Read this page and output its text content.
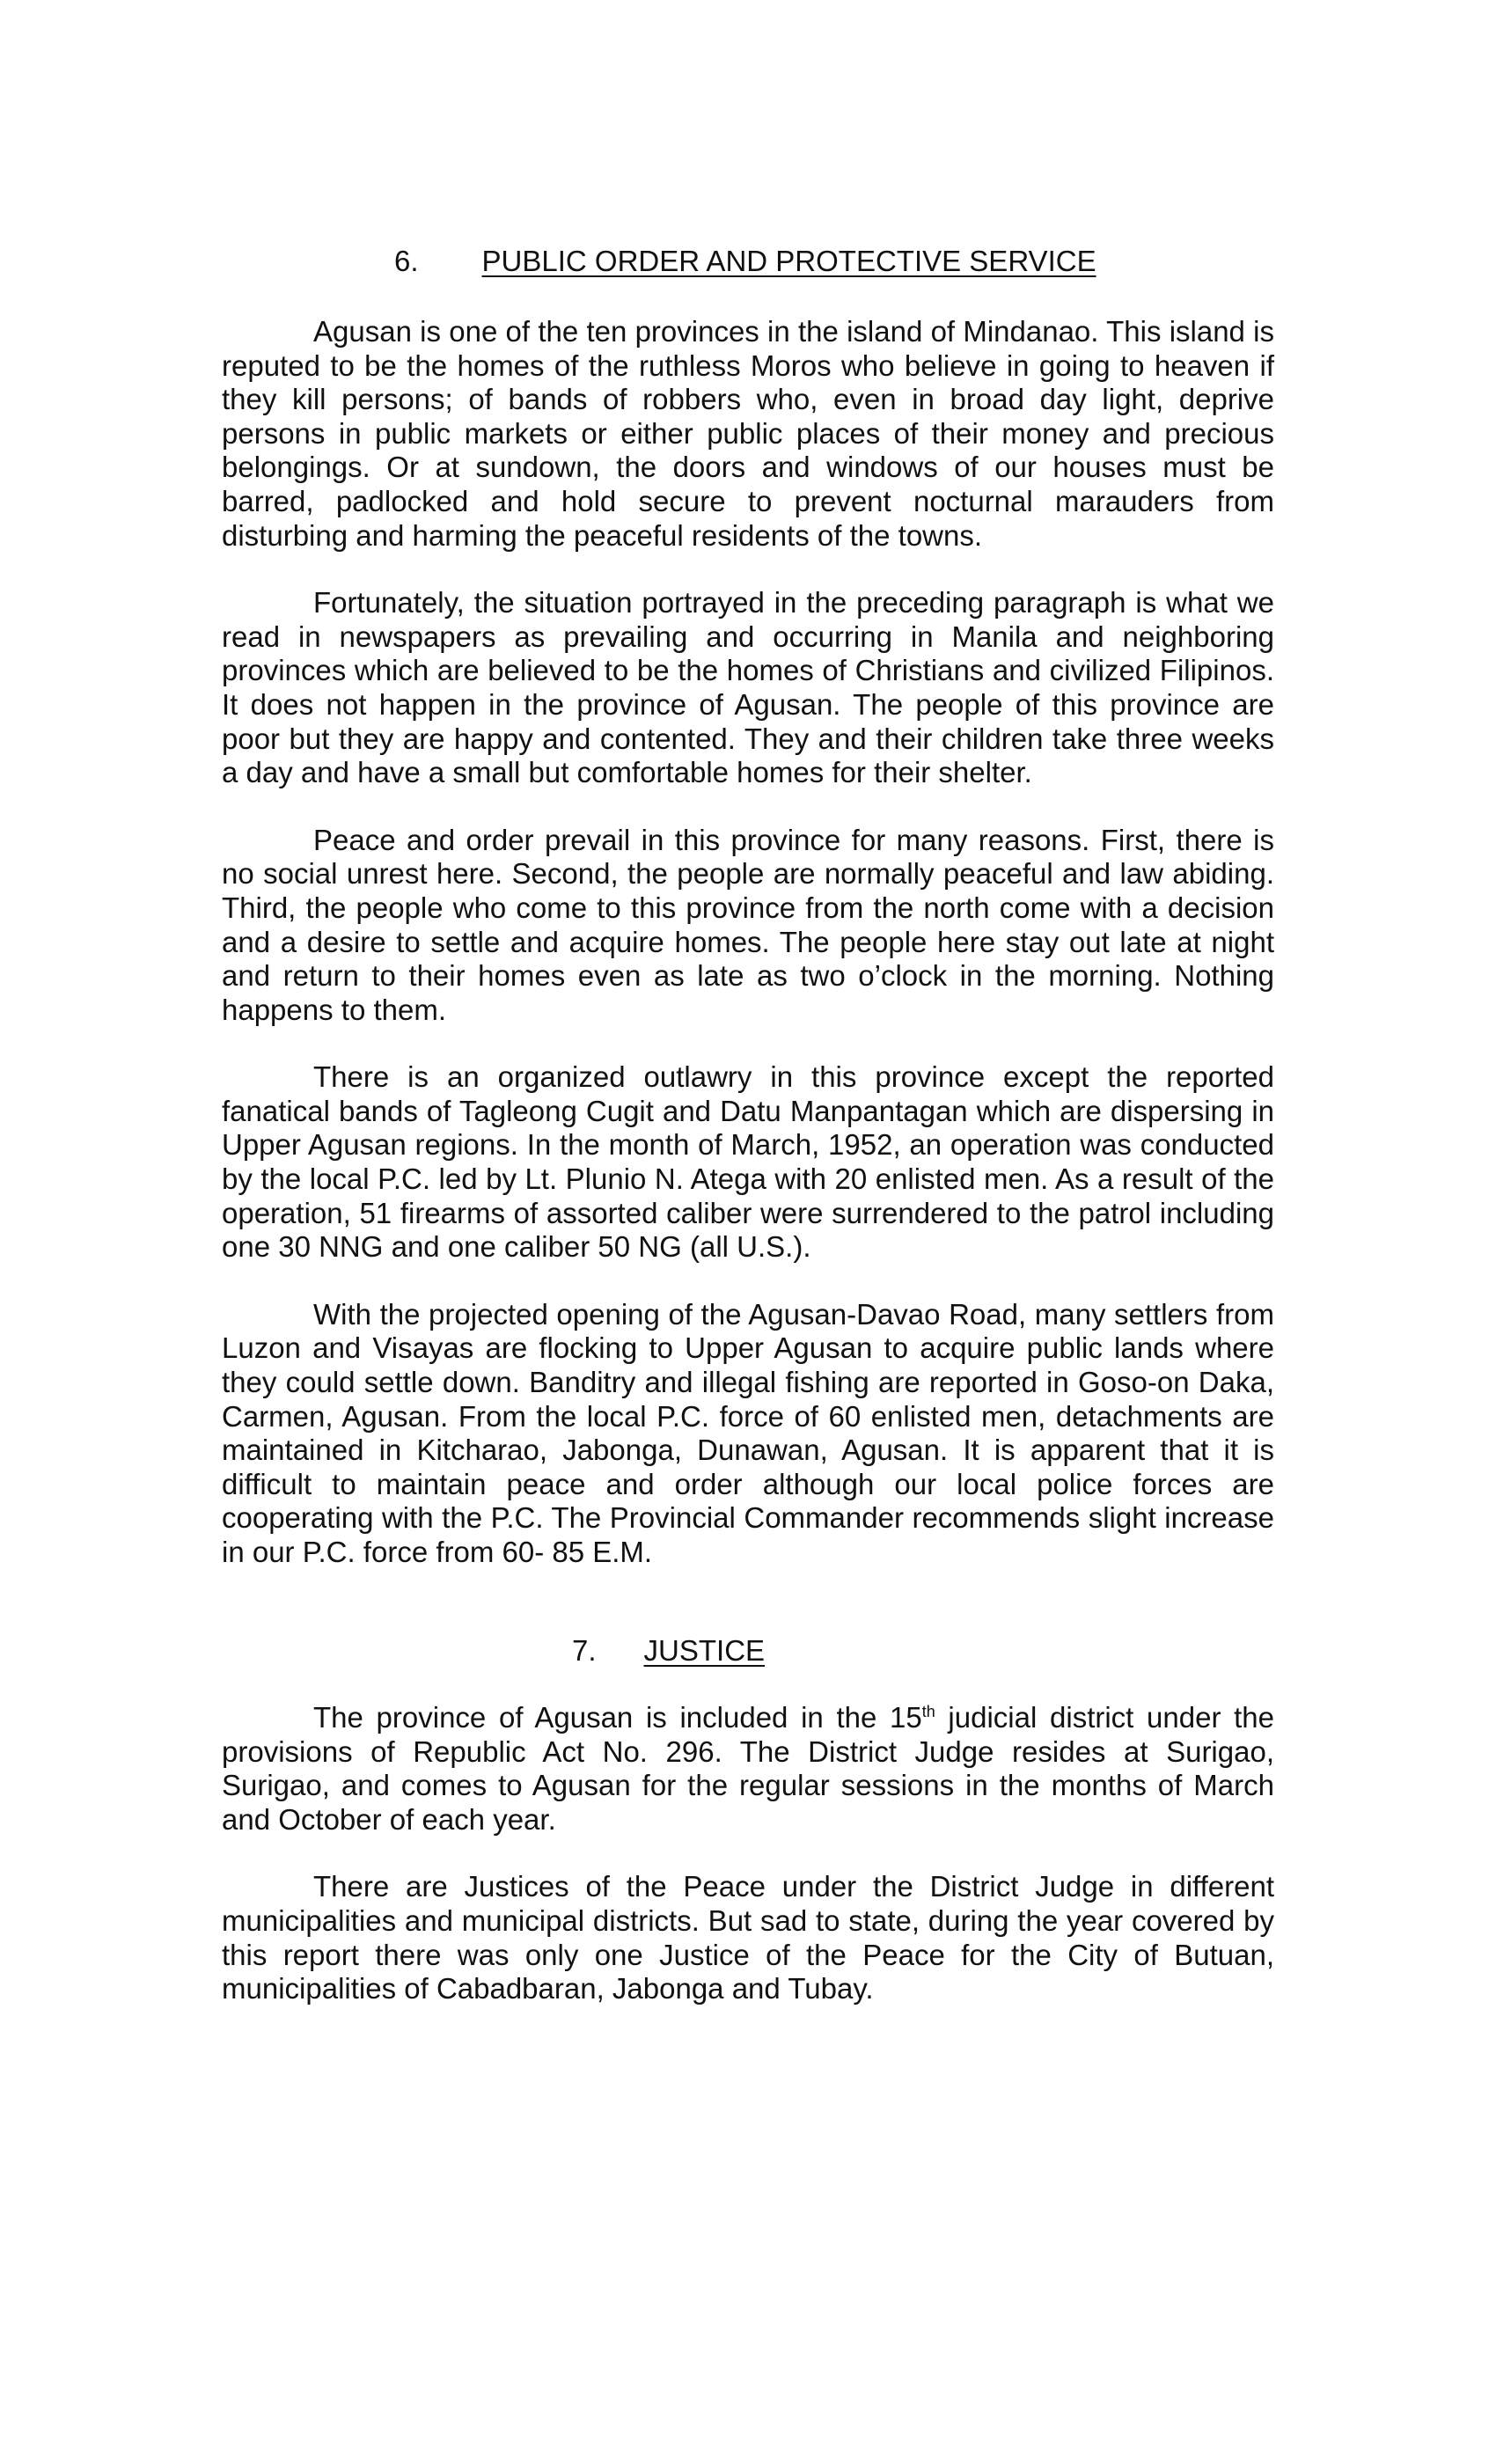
6. PUBLIC ORDER AND PROTECTIVE SERVICE

Agusan is one of the ten provinces in the island of Mindanao. This island is reputed to be the homes of the ruthless Moros who believe in going to heaven if they kill persons; of bands of robbers who, even in broad day light, deprive persons in public markets or either public places of their money and precious belongings. Or at sundown, the doors and windows of our houses must be barred, padlocked and hold secure to prevent nocturnal marauders from disturbing and harming the peaceful residents of the towns.

Fortunately, the situation portrayed in the preceding paragraph is what we read in newspapers as prevailing and occurring in Manila and neighboring provinces which are believed to be the homes of Christians and civilized Filipinos. It does not happen in the province of Agusan. The people of this province are poor but they are happy and contented. They and their children take three weeks a day and have a small but comfortable homes for their shelter.

Peace and order prevail in this province for many reasons. First, there is no social unrest here. Second, the people are normally peaceful and law abiding. Third, the people who come to this province from the north come with a decision and a desire to settle and acquire homes. The people here stay out late at night and return to their homes even as late as two o’clock in the morning. Nothing happens to them.

There is an organized outlawry in this province except the reported fanatical bands of Tagleong Cugit and Datu Manpantagan which are dispersing in Upper Agusan regions. In the month of March, 1952, an operation was conducted by the local P.C. led by Lt. Plunio N. Atega with 20 enlisted men. As a result of the operation, 51 firearms of assorted caliber were surrendered to the patrol including one 30 NNG and one caliber 50 NG (all U.S.).

With the projected opening of the Agusan-Davao Road, many settlers from Luzon and Visayas are flocking to Upper Agusan to acquire public lands where they could settle down. Banditry and illegal fishing are reported in Goso-on Daka, Carmen, Agusan. From the local P.C. force of 60 enlisted men, detachments are maintained in Kitcharao, Jabonga, Dunawan, Agusan. It is apparent that it is difficult to maintain peace and order although our local police forces are cooperating with the P.C. The Provincial Commander recommends slight increase in our P.C. force from 60- 85 E.M.

7. JUSTICE

The province of Agusan is included in the 15th judicial district under the provisions of Republic Act No. 296. The District Judge resides at Surigao, Surigao, and comes to Agusan for the regular sessions in the months of March and October of each year.

There are Justices of the Peace under the District Judge in different municipalities and municipal districts. But sad to state, during the year covered by this report there was only one Justice of the Peace for the City of Butuan, municipalities of Cabadbaran, Jabonga and Tubay.
